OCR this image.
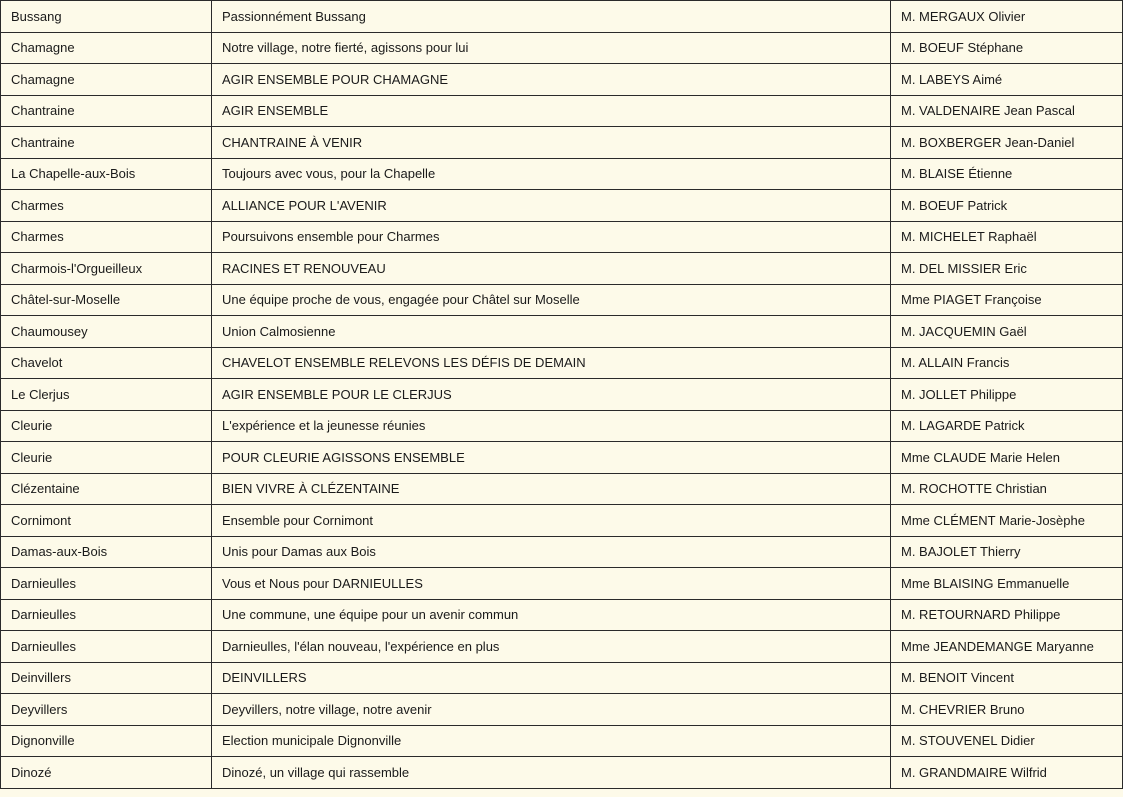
Bussang	Passionnément Bussang	M. MERGAUX Olivier
Chamagne	Notre village, notre fierté, agissons pour lui	M. BOEUF Stéphane
Chamagne	AGIR ENSEMBLE POUR CHAMAGNE	M. LABEYS Aimé
Chantraine	AGIR ENSEMBLE	M. VALDENAIRE Jean Pascal
Chantraine	CHANTRAINE À VENIR	M. BOXBERGER Jean-Daniel
La Chapelle-aux-Bois	Toujours avec vous, pour la Chapelle	M. BLAISE Étienne
Charmes	ALLIANCE POUR L'AVENIR	M. BOEUF Patrick
Charmes	Poursuivons ensemble pour Charmes	M. MICHELET Raphaël
Charmois-l'Orgueilleux	RACINES ET RENOUVEAU	M. DEL MISSIER Eric
Châtel-sur-Moselle	Une équipe proche de vous, engagée pour Châtel sur Moselle	Mme PIAGET Françoise
Chaumousey	Union Calmosienne	M. JACQUEMIN Gaël
Chavelot	CHAVELOT ENSEMBLE RELEVONS LES DÉFIS DE DEMAIN	M. ALLAIN Francis
Le Clerjus	AGIR ENSEMBLE POUR LE CLERJUS	M. JOLLET Philippe
Cleurie	L'expérience et la jeunesse réunies	M. LAGARDE Patrick
Cleurie	POUR CLEURIE AGISSONS ENSEMBLE	Mme CLAUDE Marie Helen
Clézentaine	BIEN VIVRE À CLÉZENTAINE	M. ROCHOTTE Christian
Cornimont	Ensemble pour Cornimont	Mme CLÉMENT Marie-Josèphe
Damas-aux-Bois	Unis pour Damas aux Bois	M. BAJOLET Thierry
Darnieulles	Vous et Nous pour DARNIEULLES	Mme BLAISING Emmanuelle
Darnieulles	Une commune, une équipe pour un avenir commun	M. RETOURNARD Philippe
Darnieulles	Darnieulles, l'élan nouveau, l'expérience en plus	Mme JEANDEMANGE Maryanne
Deinvillers	DEINVILLERS	M. BENOIT Vincent
Deyvillers	Deyvillers, notre village, notre avenir	M. CHEVRIER Bruno
Dignonville	Election municipale Dignonville	M. STOUVENEL Didier
Dinozé	Dinozé, un village qui rassemble	M. GRANDMAIRE Wilfrid
